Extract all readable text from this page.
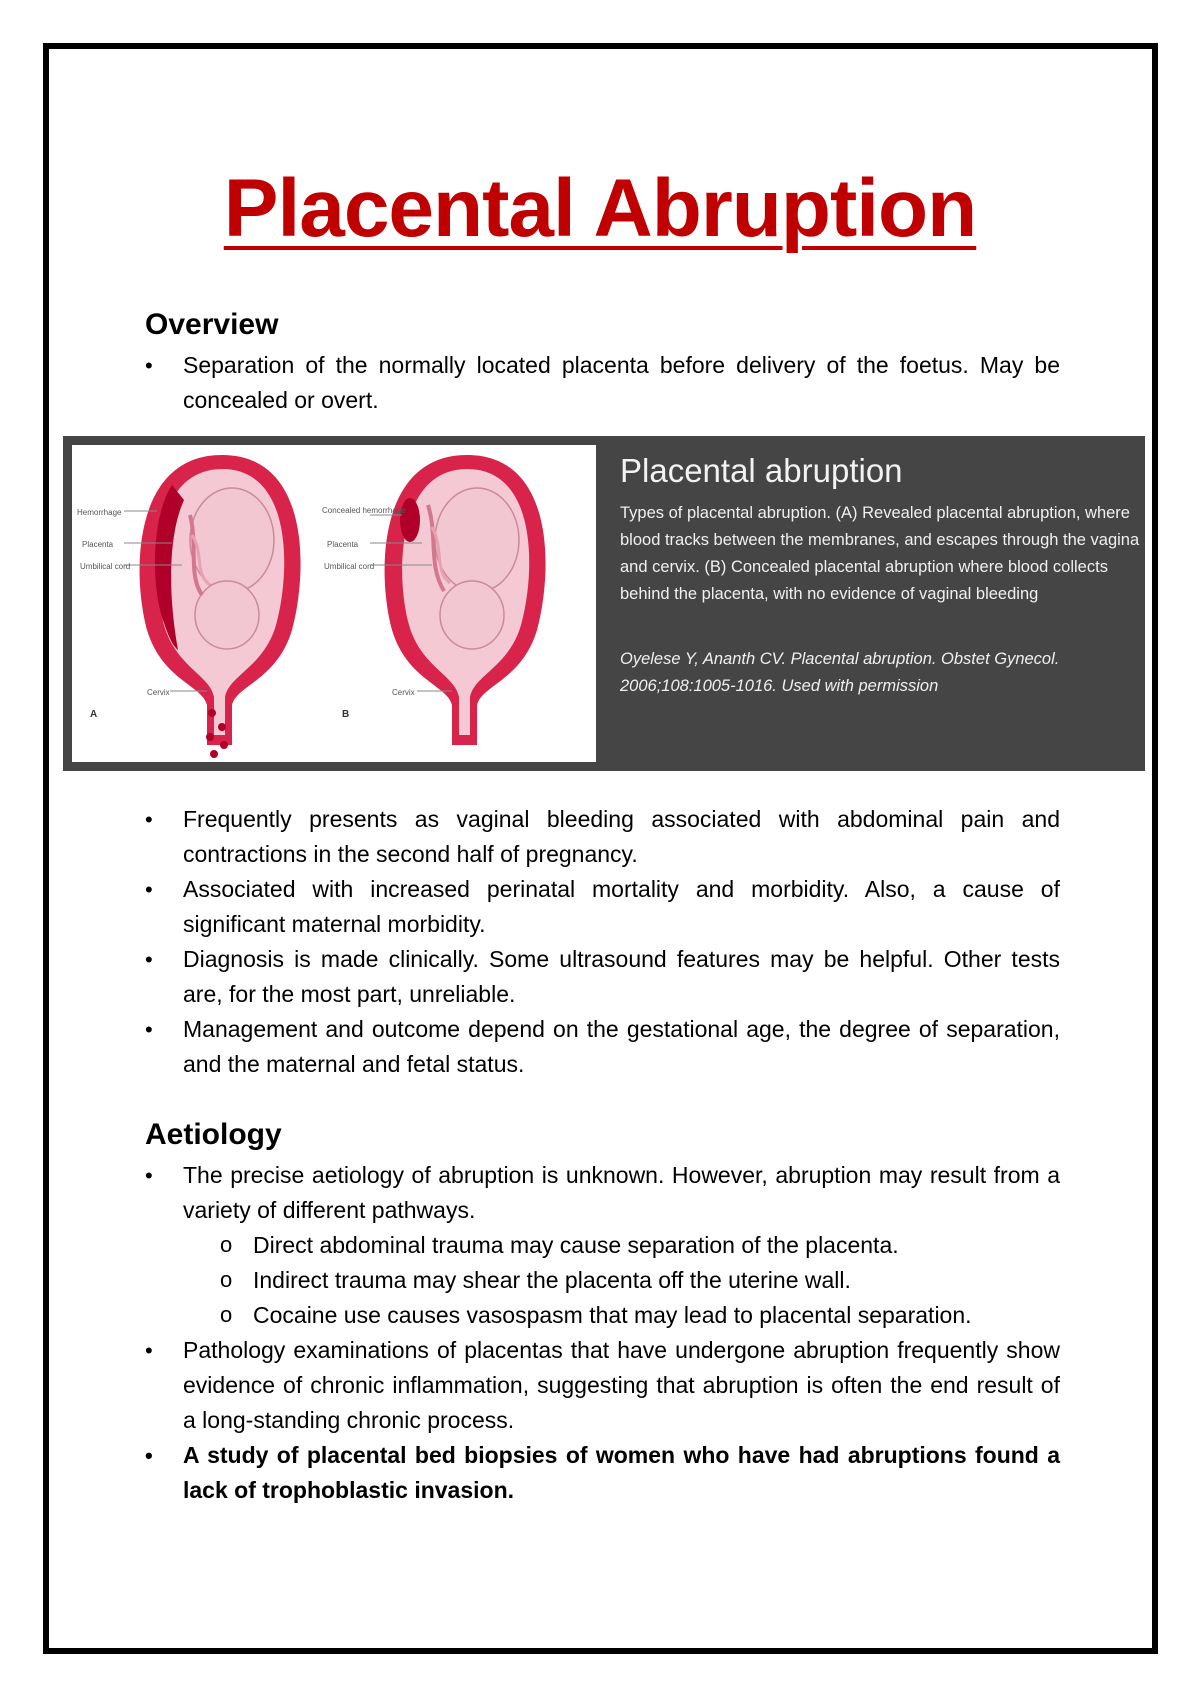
Placental Abruption
Overview
• Separation of the normally located placenta before delivery of the foetus. May be concealed or overt.
Hemorrhage
Placenta
Umbilical cord
Cervix
A
Concealed hemorrhage
Placenta
Umbilical cord
Cervix
B
Placental abruption
Types of placental abruption. (A) Revealed placental abruption, where blood tracks between the membranes, and escapes through the vagina and cervix. (B) Concealed placental abruption where blood collects behind the placenta, with no evidence of vaginal bleeding
Oyelese Y, Ananth CV. Placental abruption. Obstet Gynecol. 2006;108:1005-1016. Used with permission
• Frequently presents as vaginal bleeding associated with abdominal pain and contractions in the second half of pregnancy.
• Associated with increased perinatal mortality and morbidity. Also, a cause of significant maternal morbidity.
• Diagnosis is made clinically. Some ultrasound features may be helpful. Other tests are, for the most part, unreliable.
• Management and outcome depend on the gestational age, the degree of separation, and the maternal and fetal status.
Aetiology
• The precise aetiology of abruption is unknown. However, abruption may result from a variety of different pathways.
o Direct abdominal trauma may cause separation of the placenta.
o Indirect trauma may shear the placenta off the uterine wall.
o Cocaine use causes vasospasm that may lead to placental separation.
• Pathology examinations of placentas that have undergone abruption frequently show evidence of chronic inflammation, suggesting that abruption is often the end result of a long-standing chronic process.
• A study of placental bed biopsies of women who have had abruptions found a lack of trophoblastic invasion.
